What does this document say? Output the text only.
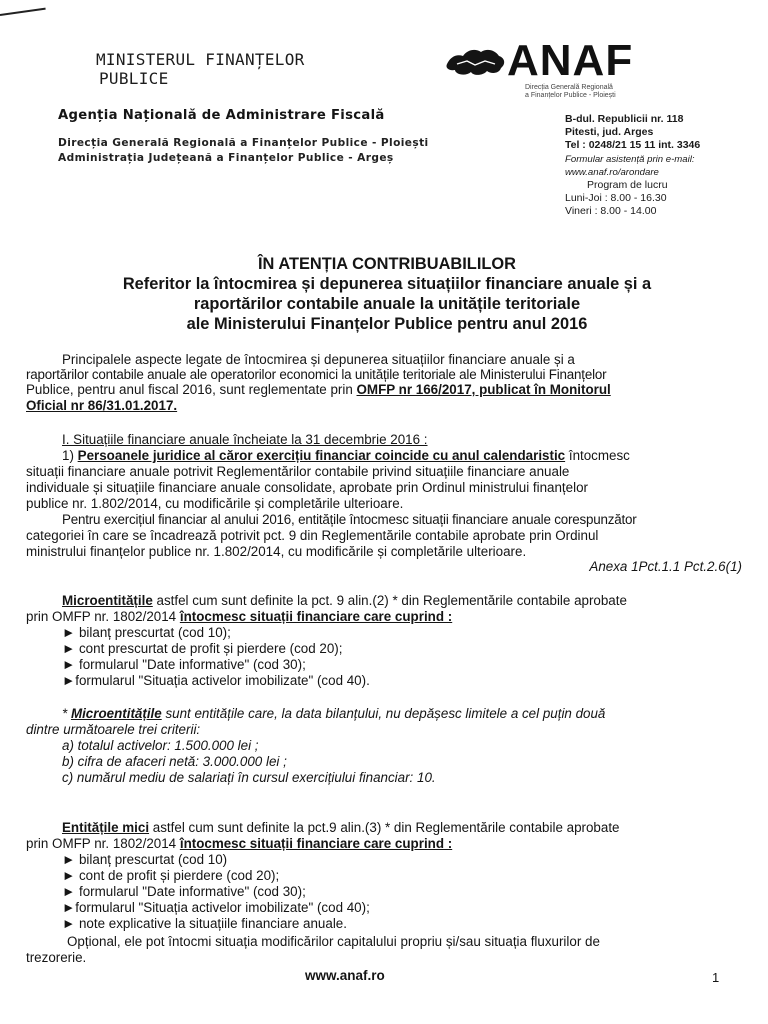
MINISTERUL FINANȚELOR
PUBLICE	ANAF
Direcția Generală Regională
a Finanțelor Publice - Ploiești
Agenția Națională de Administrare Fiscală
Direcția Generală Regională a Finanțelor Publice - Ploiești
Administrația Județeană a Finanțelor Publice - Argeș
B-dul. Republicii nr. 118
Pitesti, jud. Arges
Tel : 0248/21 15 11 int. 3346
Formular asistență prin e-mail:
www.anaf.ro/arondare
Program de lucru
Luni-Joi : 8.00 - 16.30
Vineri : 8.00 - 14.00
ÎN ATENȚIA CONTRIBUABILILOR
Referitor la întocmirea și depunerea situațiilor financiare anuale și a
raportărilor contabile anuale la unitățile teritoriale
ale Ministerului Finanțelor Publice pentru anul 2016
Principalele aspecte legate de întocmirea și depunerea situațiilor financiare anuale și a
raportărilor contabile anuale ale operatorilor economici la unitățile teritoriale ale Ministerului Finanțelor
Publice, pentru anul fiscal 2016, sunt reglementate prin OMFP nr 166/2017, publicat în Monitorul
Oficial nr 86/31.01.2017.
I. Situațiile financiare anuale încheiate la 31 decembrie 2016 :
1) Persoanele juridice al căror exercițiu financiar coincide cu anul calendaristic întocmesc
situații financiare anuale potrivit Reglementărilor contabile privind situațiile financiare anuale
individuale și situațiile financiare anuale consolidate, aprobate prin Ordinul ministrului finanțelor
publice nr. 1.802/2014, cu modificările și completările ulterioare.
Pentru exercițiul financiar al anului 2016, entitățile întocmesc situații financiare anuale corespunzător
categoriei în care se încadrează potrivit pct. 9 din Reglementările contabile aprobate prin Ordinul
ministrului finanțelor publice nr. 1.802/2014, cu modificările și completările ulterioare.
Anexa 1Pct.1.1 Pct.2.6(1)
Microentitățile astfel cum sunt definite la pct. 9 alin.(2) * din Reglementările contabile aprobate
prin OMFP nr. 1802/2014 întocmesc situații financiare care cuprind :
► bilanț prescurtat (cod 10);
► cont prescurtat de profit și pierdere (cod 20);
► formularul "Date informative" (cod 30);
►formularul "Situația activelor imobilizate" (cod 40).
* Microentitățile sunt entitățile care, la data bilanțului, nu depășesc limitele a cel puțin două
dintre următoarele trei criterii:
a) totalul activelor: 1.500.000 lei ;
b) cifra de afaceri netă: 3.000.000 lei ;
c) numărul mediu de salariați în cursul exercițiului financiar: 10.
Entitățile mici astfel cum sunt definite la pct.9 alin.(3) * din Reglementările contabile aprobate
prin OMFP nr. 1802/2014 întocmesc situații financiare care cuprind :
► bilanț prescurtat (cod 10)
► cont de profit și pierdere (cod 20);
► formularul "Date informative" (cod 30);
►formularul "Situația activelor imobilizate" (cod 40);
► note explicative la situațiile financiare anuale.
Opțional, ele pot întocmi situația modificărilor capitalului propriu și/sau situația fluxurilor de
trezorerie.
www.anaf.ro	1
